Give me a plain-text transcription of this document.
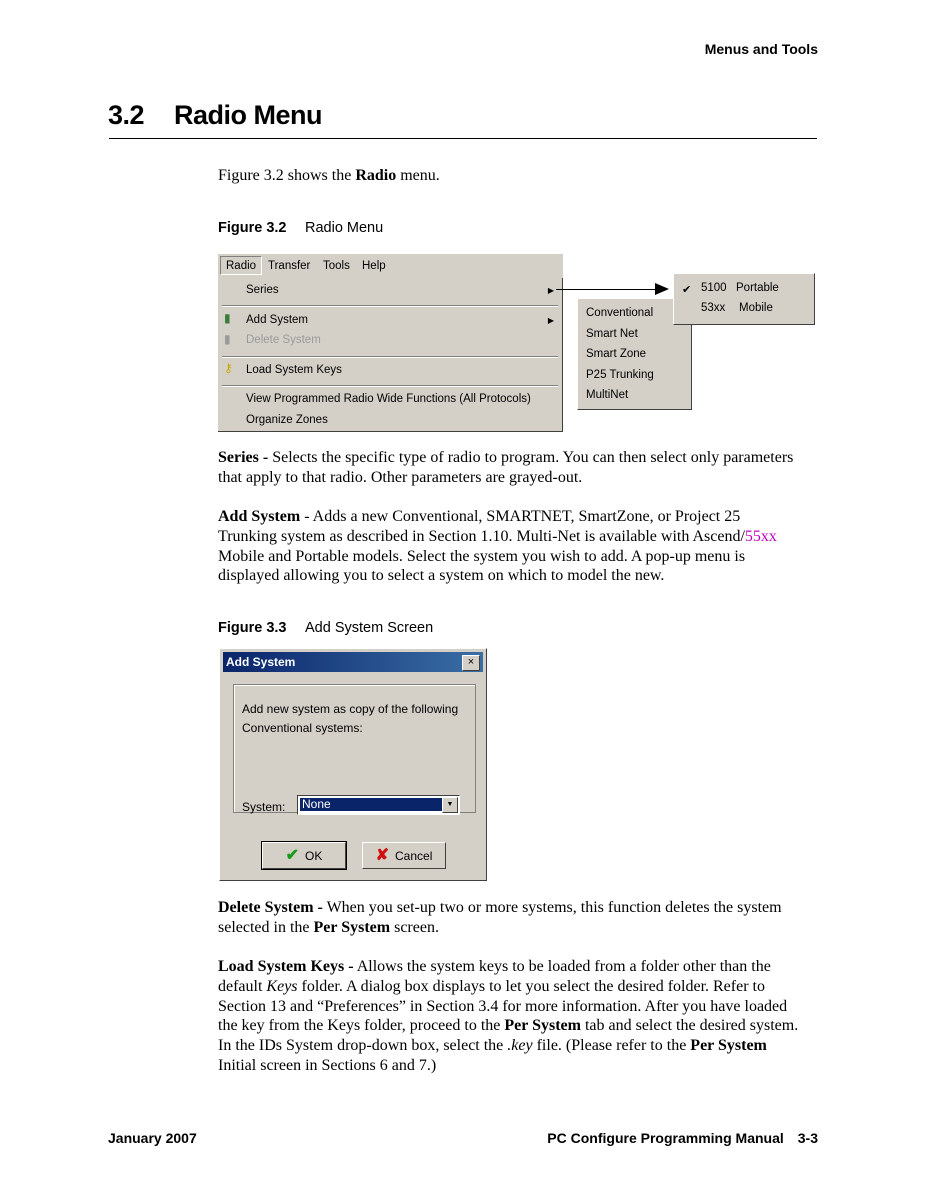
Menus and Tools
3.2 Radio Menu
Figure 3.2 shows the Radio menu.
Figure 3.2 Radio Menu
Radio	Transfer Tools Help
Series	▶
▮ Add System	▶
▮ Delete System
⚷ Load System Keys
View Programmed Radio Wide Functions (All Protocols)
Organize Zones
Conventional
Smart Net
Smart Zone
P25 Trunking
MultiNet
✔ 5100 Portable
53xx Mobile
Series - Selects the specific type of radio to program. You can then select only parameters
that apply to that radio. Other parameters are grayed-out.
Add System - Adds a new Conventional, SMARTNET, SmartZone, or Project 25
Trunking system as described in Section 1.10. Multi-Net is available with Ascend/55xx
Mobile and Portable models. Select the system you wish to add. A pop-up menu is
displayed allowing you to select a system on which to model the new.
Figure 3.3 Add System Screen
Add System	×
Add new system as copy of the following
Conventional systems:
System: None	▼
✔ OK	✘ Cancel
Delete System - When you set-up two or more systems, this function deletes the system
selected in the Per System screen.
Load System Keys - Allows the system keys to be loaded from a folder other than the
default Keys folder. A dialog box displays to let you select the desired folder. Refer to
Section 13 and “Preferences” in Section 3.4 for more information. After you have loaded
the key from the Keys folder, proceed to the Per System tab and select the desired system.
In the IDs System drop-down box, select the .key file. (Please refer to the Per System
Initial screen in Sections 6 and 7.)
January 2007	PC Configure Programming Manual 3-3
